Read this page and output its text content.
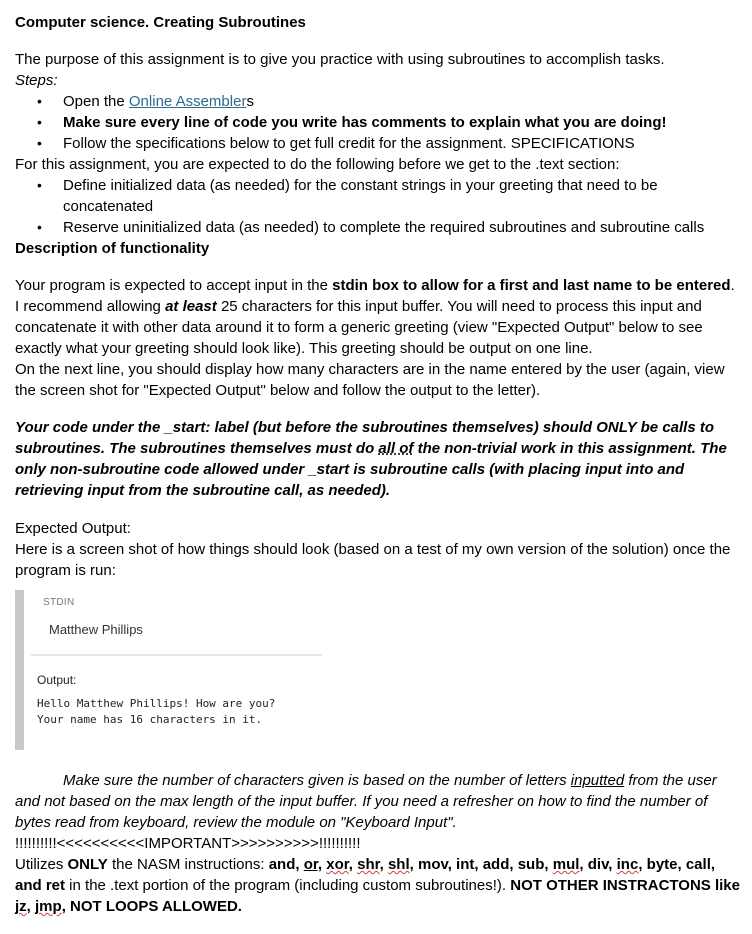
Computer science. Creating Subroutines

The purpose of this assignment is to give you practice with using subroutines to accomplish tasks.

Steps:

• Open the Online Assemblers
• Make sure every line of code you write has comments to explain what you are doing!
• Follow the specifications below to get full credit for the assignment. SPECIFICATIONS

For this assignment, you are expected to do the following before we get to the .text section:

• Define initialized data (as needed) for the constant strings in your greeting that need to be concatenated
• Reserve uninitialized data (as needed) to complete the required subroutines and subroutine calls

Description of functionality

Your program is expected to accept input in the stdin box to allow for a first and last name to be entered. I recommend allowing at least 25 characters for this input buffer. You will need to process this input and concatenate it with other data around it to form a generic greeting (view "Expected Output" below to see exactly what your greeting should look like). This greeting should be output on one line.

On the next line, you should display how many characters are in the name entered by the user (again, view the screen shot for "Expected Output" below and follow the output to the letter).

Your code under the _start: label (but before the subroutines themselves) should ONLY be calls to subroutines. The subroutines themselves must do all of the non-trivial work in this assignment. The only non-subroutine code allowed under _start is subroutine calls (with placing input into and retrieving input from the subroutine call, as needed).

Expected Output:

Here is a screen shot of how things should look (based on a test of my own version of the solution) once the program is run:

STDIN
Matthew Phillips
Output:
Hello Matthew Phillips! How are you?
Your name has 16 characters in it.

Make sure the number of characters given is based on the number of letters inputted from the user and not based on the max length of the input buffer. If you need a refresher on how to find the number of bytes read from keyboard, review the module on "Keyboard Input".

!!!!!!!!!!<<<<<<<<<<IMPORTANT>>>>>>>>>>!!!!!!!!!!

Utilizes ONLY the NASM instructions: and, or, xor, shr, shl, mov, int, add, sub, mul, div, inc, byte, call, and ret in the .text portion of the program (including custom subroutines!). NOT OTHER INSTRACTONS like jz, jmp, NOT LOOPS ALLOWED.
